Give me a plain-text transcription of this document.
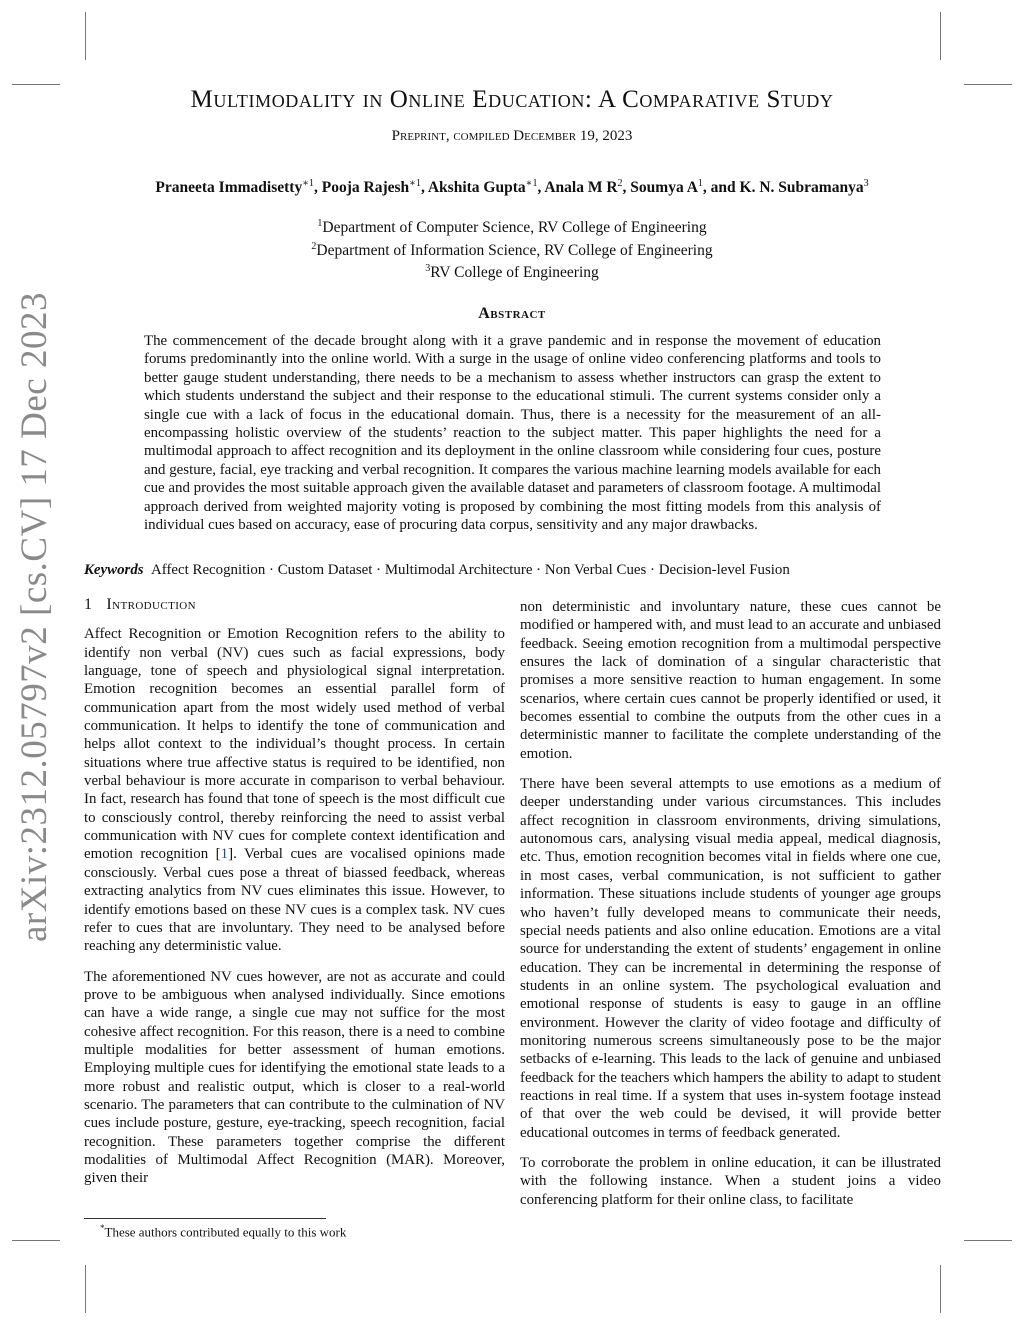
arXiv:2312.05797v2 [cs.CV] 17 Dec 2023
Multimodality in Online Education: A Comparative Study
Preprint, compiled December 19, 2023
Praneeta Immadisetty$^{∗1}$, Pooja Rajesh$^{∗1}$, Akshita Gupta$^{∗1}$, Anala M $R^2$, Soumya $A^1$, and K. N. Subramanya$^3$
$^1$Department of Computer Science, RV College of Engineering
$^2$Department of Information Science, RV College of Engineering
$^3$RV College of Engineering
Abstract

The commencement of the decade brought along with it a grave pandemic and in response the movement of education forums predominantly into the online world. With a surge in the usage of online video conferencing platforms and tools to better gauge student understanding, there needs to be a mechanism to assess whether instructors can grasp the extent to which students understand the subject and their response to the educational stimuli. The current systems consider only a single cue with a lack of focus in the educational domain. Thus, there is a necessity for the measurement of an all-encompassing holistic overview of the students’ reaction to the subject matter. This paper highlights the need for a multimodal approach to affect recognition and its deployment in the online classroom while considering four cues, posture and gesture, facial, eye tracking and verbal recognition. It compares the various machine learning models available for each cue and provides the most suitable approach given the available dataset and parameters of classroom footage. A multimodal approach derived from weighted majority voting is proposed by combining the most fitting models from this analysis of individual cues based on accuracy, ease of procuring data corpus, sensitivity and any major drawbacks.

Keywords Affect Recognition · Custom Dataset · Multimodal Architecture · Non Verbal Cues · Decision-level Fusion
1 Introduction

Affect Recognition or Emotion Recognition refers to the ability to identify non verbal (NV) cues such as facial expressions, body language, tone of speech and physiological signal interpretation. Emotion recognition becomes an essential parallel form of communication apart from the most widely used method of verbal communication. It helps to identify the tone of communication and helps allot context to the individual’s thought process. In certain situations where true affective status is required to be identified, non verbal behaviour is more accurate in comparison to verbal behaviour. In fact, research has found that tone of speech is the most difficult cue to consciously control, thereby reinforcing the need to assist verbal communication with NV cues for complete context identification and emotion recognition [1]. Verbal cues are vocalised opinions made consciously. Verbal cues pose a threat of biassed feedback, whereas extracting analytics from NV cues eliminates this issue. However, to identify emotions based on these NV cues is a complex task. NV cues refer to cues that are involuntary. They need to be analysed before reaching any deterministic value.

The aforementioned NV cues however, are not as accurate and could prove to be ambiguous when analysed individually. Since emotions can have a wide range, a single cue may not suffice for the most cohesive affect recognition. For this reason, there is a need to combine multiple modalities for better assessment of human emotions. Employing multiple cues for identifying the emotional state leads to a more robust and realistic output, which is closer to a real-world scenario. The parameters that can contribute to the culmination of NV cues include posture, gesture, eye-tracking, speech recognition, facial recognition. These parameters together comprise the different modalities of Multimodal Affect Recognition (MAR). Moreover, given their

non deterministic and involuntary nature, these cues cannot be modified or hampered with, and must lead to an accurate and unbiased feedback. Seeing emotion recognition from a multimodal perspective ensures the lack of domination of a singular characteristic that promises a more sensitive reaction to human engagement. In some scenarios, where certain cues cannot be properly identified or used, it becomes essential to combine the outputs from the other cues in a deterministic manner to facilitate the complete understanding of the emotion.

There have been several attempts to use emotions as a medium of deeper understanding under various circumstances. This includes affect recognition in classroom environments, driving simulations, autonomous cars, analysing visual media appeal, medical diagnosis, etc. Thus, emotion recognition becomes vital in fields where one cue, in most cases, verbal communication, is not sufficient to gather information. These situations include students of younger age groups who haven’t fully developed means to communicate their needs, special needs patients and also online education. Emotions are a vital source for understanding the extent of students’ engagement in online education. They can be incremental in determining the response of students in an online system. The psychological evaluation and emotional response of students is easy to gauge in an offline environment. However the clarity of video footage and difficulty of monitoring numerous screens simultaneously pose to be the major setbacks of e-learning. This leads to the lack of genuine and unbiased feedback for the teachers which hampers the ability to adapt to student reactions in real time. If a system that uses in-system footage instead of that over the web could be devised, it will provide better educational outcomes in terms of feedback generated.

To corroborate the problem in online education, it can be illustrated with the following instance. When a student joins a video conferencing platform for their online class, to facilitate

*These authors contributed equally to this work
